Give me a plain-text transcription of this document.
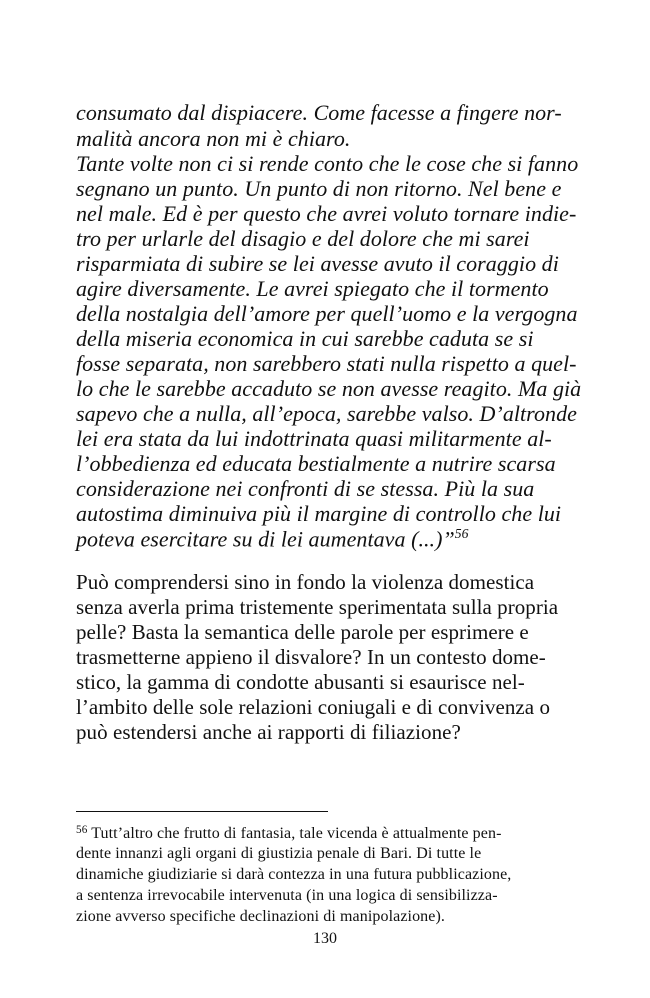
consumato dal dispiacere. Come facesse a fingere nor-
malità ancora non mi è chiaro.
Tante volte non ci si rende conto che le cose che si fanno
segnano un punto. Un punto di non ritorno. Nel bene e
nel male. Ed è per questo che avrei voluto tornare indie-
tro per urlarle del disagio e del dolore che mi sarei
risparmiata di subire se lei avesse avuto il coraggio di
agire diversamente. Le avrei spiegato che il tormento
della nostalgia dell’amore per quell’uomo e la vergogna
della miseria economica in cui sarebbe caduta se si
fosse separata, non sarebbero stati nulla rispetto a quel-
lo che le sarebbe accaduto se non avesse reagito. Ma già
sapevo che a nulla, all’epoca, sarebbe valso. D’altronde
lei era stata da lui indottrinata quasi militarmente al-
l’obbedienza ed educata bestialmente a nutrire scarsa
considerazione nei confronti di se stessa. Più la sua
autostima diminuiva più il margine di controllo che lui
poteva esercitare su di lei aumentava (...)”$^{56}$
Può comprendersi sino in fondo la violenza domestica
senza averla prima tristemente sperimentata sulla propria
pelle? Basta la semantica delle parole per esprimere e
trasmetterne appieno il disvalore? In un contesto dome-
stico, la gamma di condotte abusanti si esaurisce nel-
l’ambito delle sole relazioni coniugali e di convivenza o
può estendersi anche ai rapporti di filiazione?
$^{56}$ Tutt’altro che frutto di fantasia, tale vicenda è attualmente pen-
dente innanzi agli organi di giustizia penale di Bari. Di tutte le
dinamiche giudiziarie si darà contezza in una futura pubblicazione,
a sentenza irrevocabile intervenuta (in una logica di sensibilizza-
zione avverso specifiche declinazioni di manipolazione).
130
